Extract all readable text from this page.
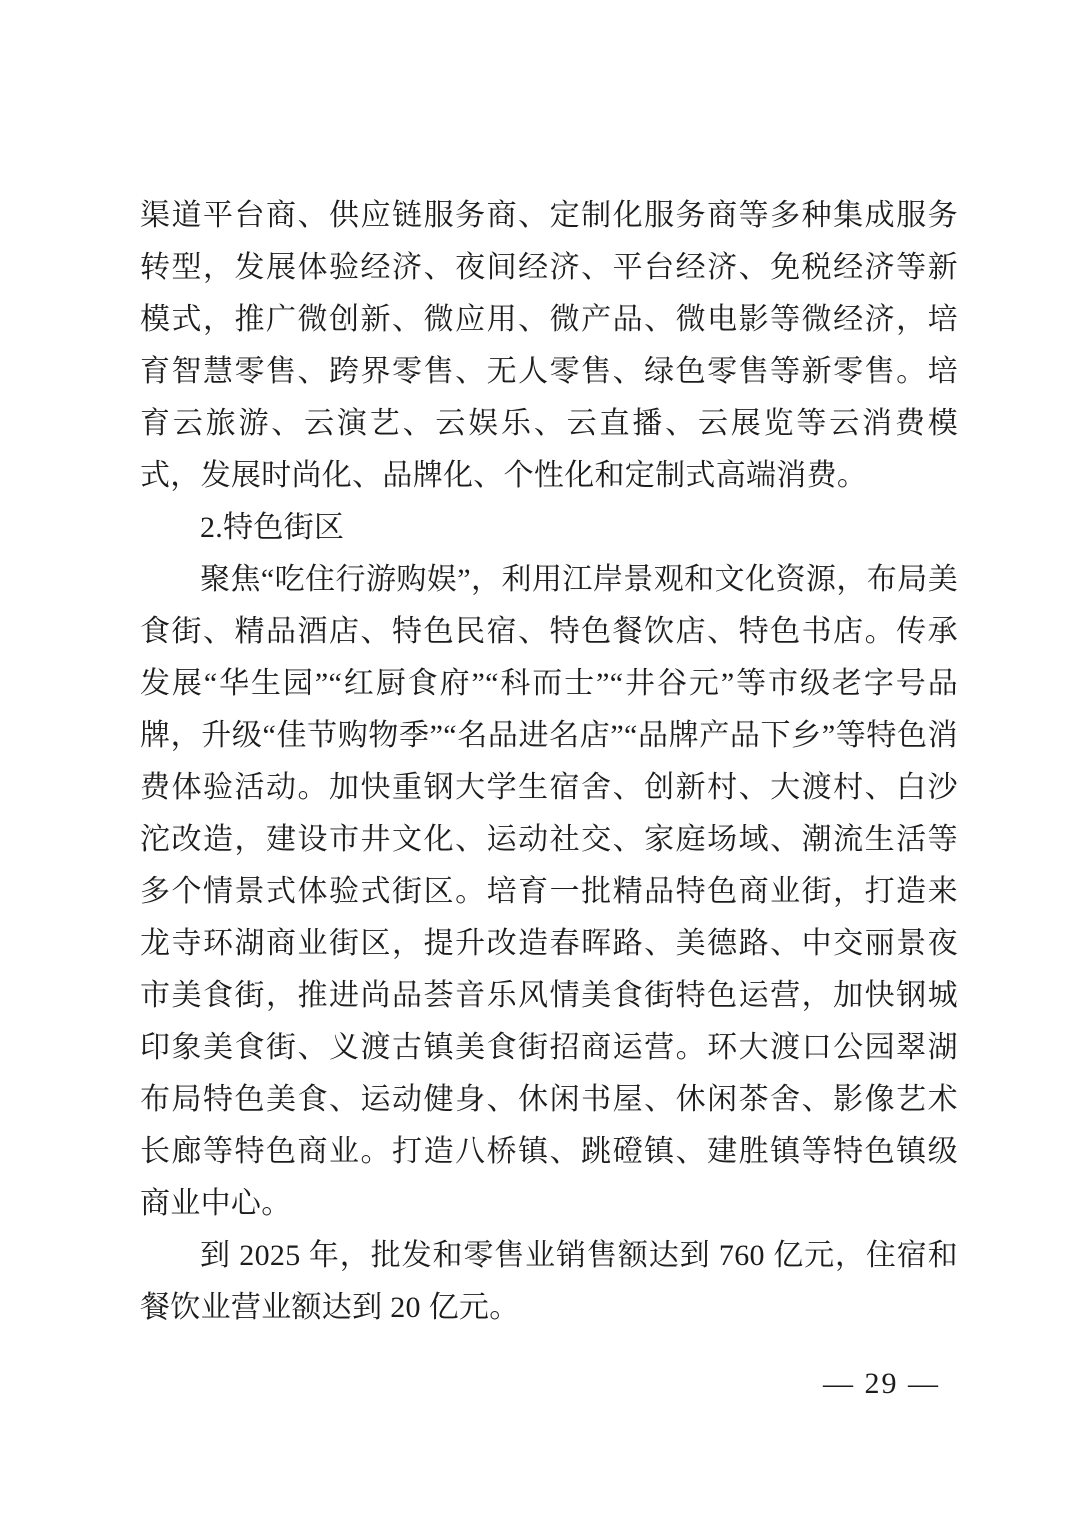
渠道平台商、供应链服务商、定制化服务商等多种集成服务转型，发展体验经济、夜间经济、平台经济、免税经济等新模式，推广微创新、微应用、微产品、微电影等微经济，培育智慧零售、跨界零售、无人零售、绿色零售等新零售。培育云旅游、云演艺、云娱乐、云直播、云展览等云消费模式，发展时尚化、品牌化、个性化和定制式高端消费。

2.特色街区

聚焦“吃住行游购娱”，利用江岸景观和文化资源，布局美食街、精品酒店、特色民宿、特色餐饮店、特色书店。传承发展“华生园”“红厨食府”“科而士”“井谷元”等市级老字号品牌，升级“佳节购物季”“名品进名店”“品牌产品下乡”等特色消费体验活动。加快重钢大学生宿舍、创新村、大渡村、白沙沱改造，建设市井文化、运动社交、家庭场域、潮流生活等多个情景式体验式街区。培育一批精品特色商业街，打造来龙寺环湖商业街区，提升改造春晖路、美德路、中交丽景夜市美食街，推进尚品荟音乐风情美食街特色运营，加快钢城印象美食街、义渡古镇美食街招商运营。环大渡口公园翠湖布局特色美食、运动健身、休闲书屋、休闲茶舍、影像艺术长廊等特色商业。打造八桥镇、跳磴镇、建胜镇等特色镇级商业中心。

到 2025 年，批发和零售业销售额达到 760 亿元，住宿和餐饮业营业额达到 20 亿元。

— 29 —
